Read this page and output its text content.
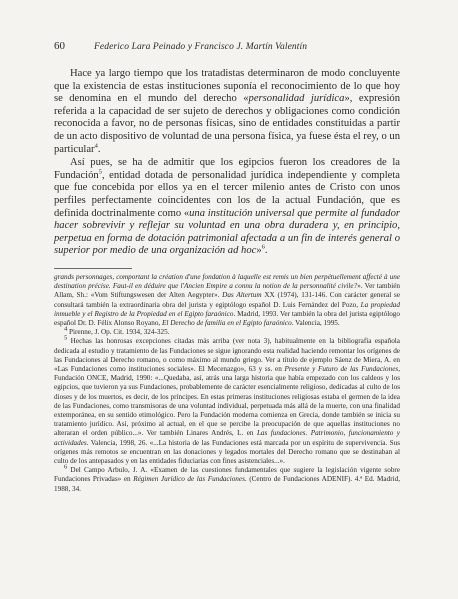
60	Federico Lara Peinado y Francisco J. Martín Valentín

Hace ya largo tiempo que los tratadistas determinaron de modo concluyente que la existencia de estas instituciones suponía el reconocimiento de lo que hoy se denomina en el mundo del derecho «personalidad jurídica», expresión referida a la capacidad de ser sujeto de derechos y obligaciones como condición reconocida a favor, no de personas físicas, sino de entidades constituidas a partir de un acto dispositivo de voluntad de una persona física, ya fuese ésta el rey, o un particular$^4$.

Así pues, se ha de admitir que los egipcios fueron los creadores de la Fundación$^5$, entidad dotada de personalidad jurídica independiente y completa que fue concebida por ellos ya en el tercer milenio antes de Cristo con unos perfiles perfectamente coincidentes con los de la actual Fundación, que es definida doctrinalmente como «una institución universal que permite al fundador hacer sobrevivir y reflejar su voluntad en una obra duradera y, en principio, perpetua en forma de dotación patrimonial afectada a un fin de interés general o superior por medio de una organización ad hoc»$^6$.

grands personnages, comportant la création d'une fondation à laquelle est remis un bien perpétuellement affecté à une destination précise. Faut-il en déduire que l'Ancien Empire a connu la notion de la personnalité civile?». Ver también Allam, Sh.: «Vom Stiftungswesen der Alten Aegypter». Das Altertum XX (1974), 131-146. Con carácter general se consultará también la extraordinaria obra del jurista y egiptólogo español D. Luis Fernández del Pozo, La propiedad inmueble y el Registro de la Propiedad en el Egipto faraónico. Madrid, 1993. Ver también la obra del jurista egiptólogo español Dr. D. Félix Alonso Royano, El Derecho de familia en el Egipto faraónico. Valencia, 1995.

$^4$ Pirenne, J. Op. Cit. 1934, 324-325.

$^5$ Hechas las honrosas excepciones citadas más arriba (ver nota 3), habitualmente en la bibliografía española dedicada al estudio y tratamiento de las Fundaciones se sigue ignorando esta realidad haciendo remontar los orígenes de las Fundaciones al Derecho romano, o como máximo al mundo griego. Ver a título de ejemplo Sáenz de Miera, A. en «Las Fundaciones como instituciones sociales». El Mecenazgo», 63 y ss. en Presente y Futuro de las Fundaciones, Fundación ONCE, Madrid, 1990: «...Quedaba, así, atrás una larga historia que había empezado con los caldeos y los egipcios, que tuvieron ya sus Fundaciones, probablemente de carácter esencialmente religioso, dedicadas al culto de los dioses y de los muertos, es decir, de los príncipes. En estas primeras instituciones religiosas estaba el germen de la idea de las Fundaciones, como transmisoras de una voluntad individual, perpetuada más allá de la muerte, con una finalidad extemporánea, en su sentido etimológico. Pero la Fundación moderna comienza en Grecia, donde también se inicia su tratamiento jurídico. Así, próximo al actual, en el que se percibe la preocupación de que aquellas instituciones no alteraran el orden público...». Ver también Linares Andrés, L. en Las fundaciones. Patrimonio, funcionamiento y actividades. Valencia, 1998, 26. «...La historia de las Fundaciones está marcada por un espíritu de supervivencia. Sus orígenes más remotos se encuentran en las donaciones y legados mortales del Derecho romano que se destinaban al culto de los antepasados y en las entidades fiduciarias con fines asistenciales...».

$^6$ Del Campo Arbulo, J. A. «Examen de las cuestiones fundamentales que sugiere la legislación vigente sobre Fundaciones Privadas» en Régimen Jurídico de las Fundaciones. (Centro de Fundaciones ADENIF). 4.ª Ed. Madrid, 1988, 34.
